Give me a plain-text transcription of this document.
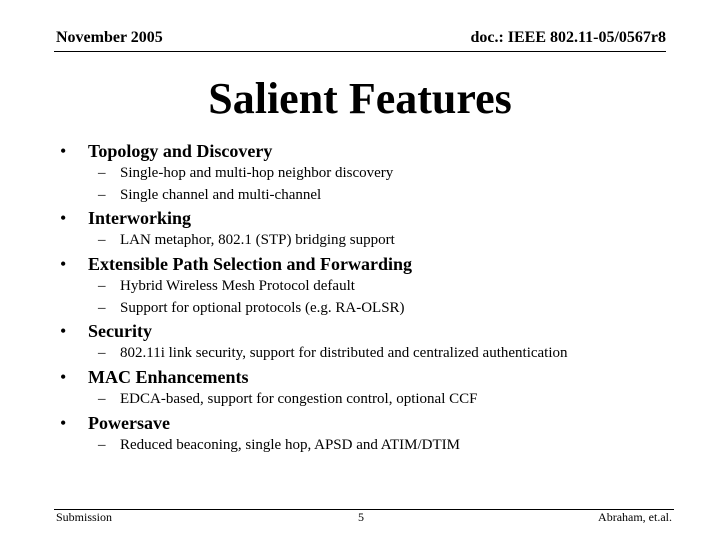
November 2005	doc.: IEEE 802.11-05/0567r8
Salient Features
• Topology and Discovery
– Single-hop and multi-hop neighbor discovery
– Single channel and multi-channel
• Interworking
– LAN metaphor, 802.1 (STP) bridging support
• Extensible Path Selection and Forwarding
– Hybrid Wireless Mesh Protocol default
– Support for optional protocols (e.g. RA-OLSR)
• Security
– 802.11i link security, support for distributed and centralized authentication
• MAC Enhancements
– EDCA-based, support for congestion control, optional CCF
• Powersave
– Reduced beaconing, single hop, APSD and ATIM/DTIM
Submission	5	Abraham, et.al.
